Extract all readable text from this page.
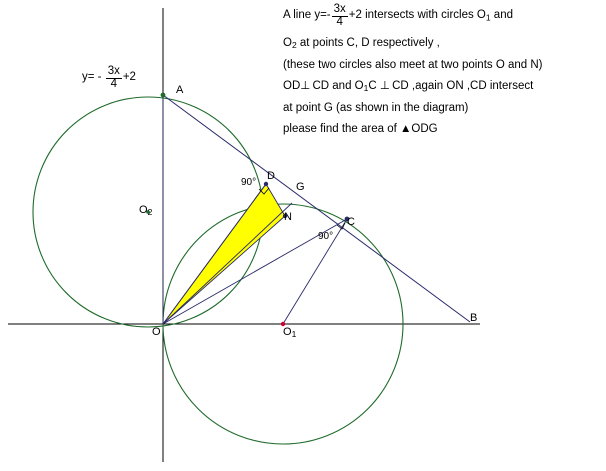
A line $y=- \frac{3x}{4} +2$ intersects with circles $O_1$ and
$O_2$ at points C, D respectively ,
(these two circles also meet at two points O and N)
OD⊥ CD and $O_1C$ ⊥ CD ,again ON ,CD intersect
at point G (as shown in the diagram)
please find the area of ▲ODG
$y= - \frac{3x}{4} +2$
A
B
C
D
G
N
O	$O_1$
$O_2$
90°
90°
